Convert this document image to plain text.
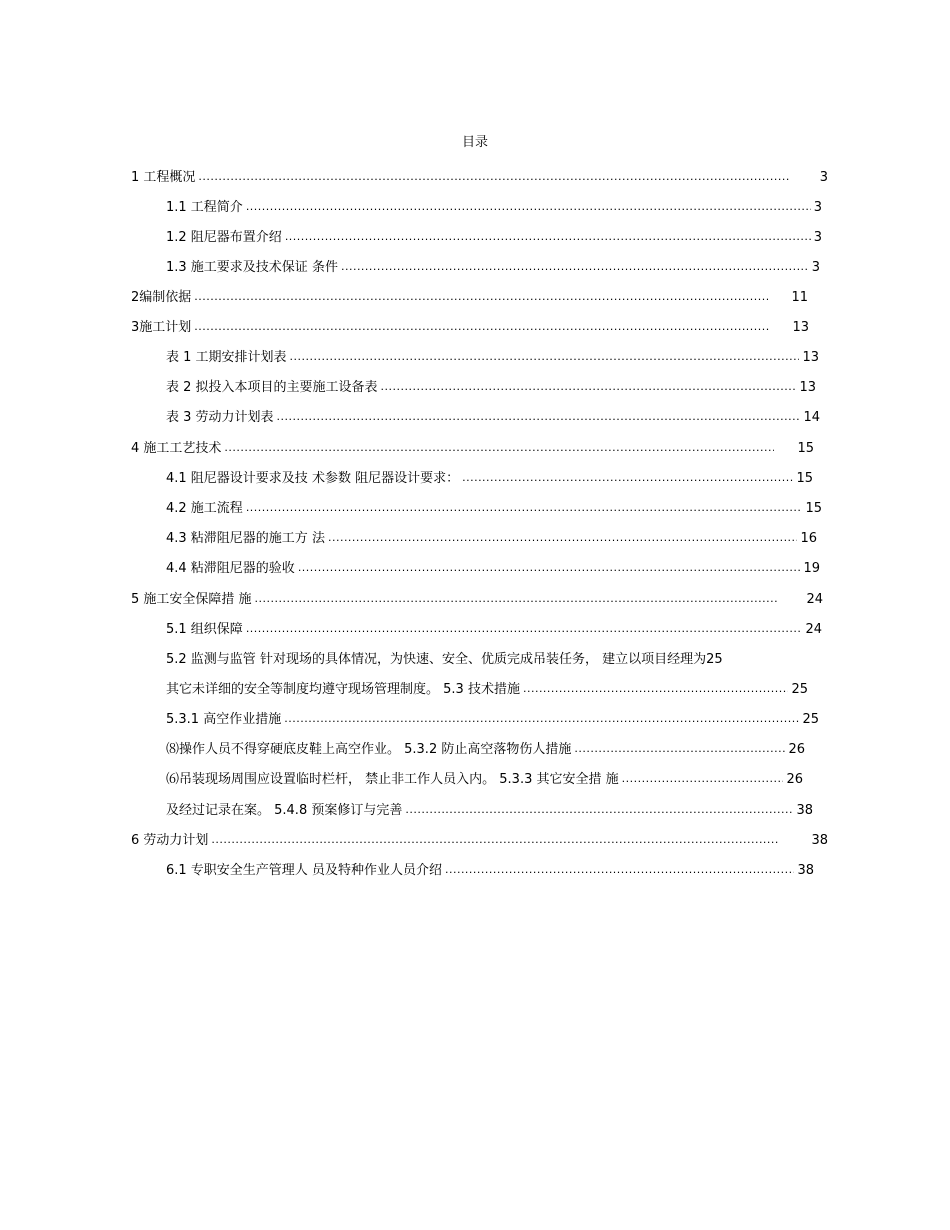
目录
1 工程概况 .....	3
1.1 工程简介 .....	3
1.2 阻尼器布置介绍 .....	3
1.3 施工要求及技术保证 条件 .....	3
2编制依据 .....	11
3施工计划 .....	13
表 1 工期安排计划表 .....	13
表 2 拟投入本项目的主要施工设备表 .....	13
表 3 劳动力计划表 .....	14
4 施工工艺技术 .....	15
4.1 阻尼器设计要求及技 术参数 阻尼器设计要求： .....	15
4.2 施工流程 .....	15
4.3 粘滞阻尼器的施工方 法 .....	16
4.4 粘滞阻尼器的验收 .....	19
5 施工安全保障措 施 .....	24
5.1 组织保障 .....	24
5.2 监测与监管 针对现场的具体情况，为快速、安全、优质完成吊装任务， 建立以项目经理为 25
其它未详细的安全等制度均遵守现场管理制度。 5.3 技术措施 .....	25
5.3.1 高空作业措施 .....	25
⑻操作人员不得穿硬底皮鞋上高空作业。 5.3.2 防止高空落物伤人措施 .....	26
⑹吊装现场周围应设置临时栏杆， 禁止非工作人员入内。 5.3.3 其它安全措 施 .....	26
及经过记录在案。 5.4.8 预案修订与完善 .....	38
6 劳动力计划 .....	38
6.1 专职安全生产管理人 员及特种作业人员介绍 .....	38
